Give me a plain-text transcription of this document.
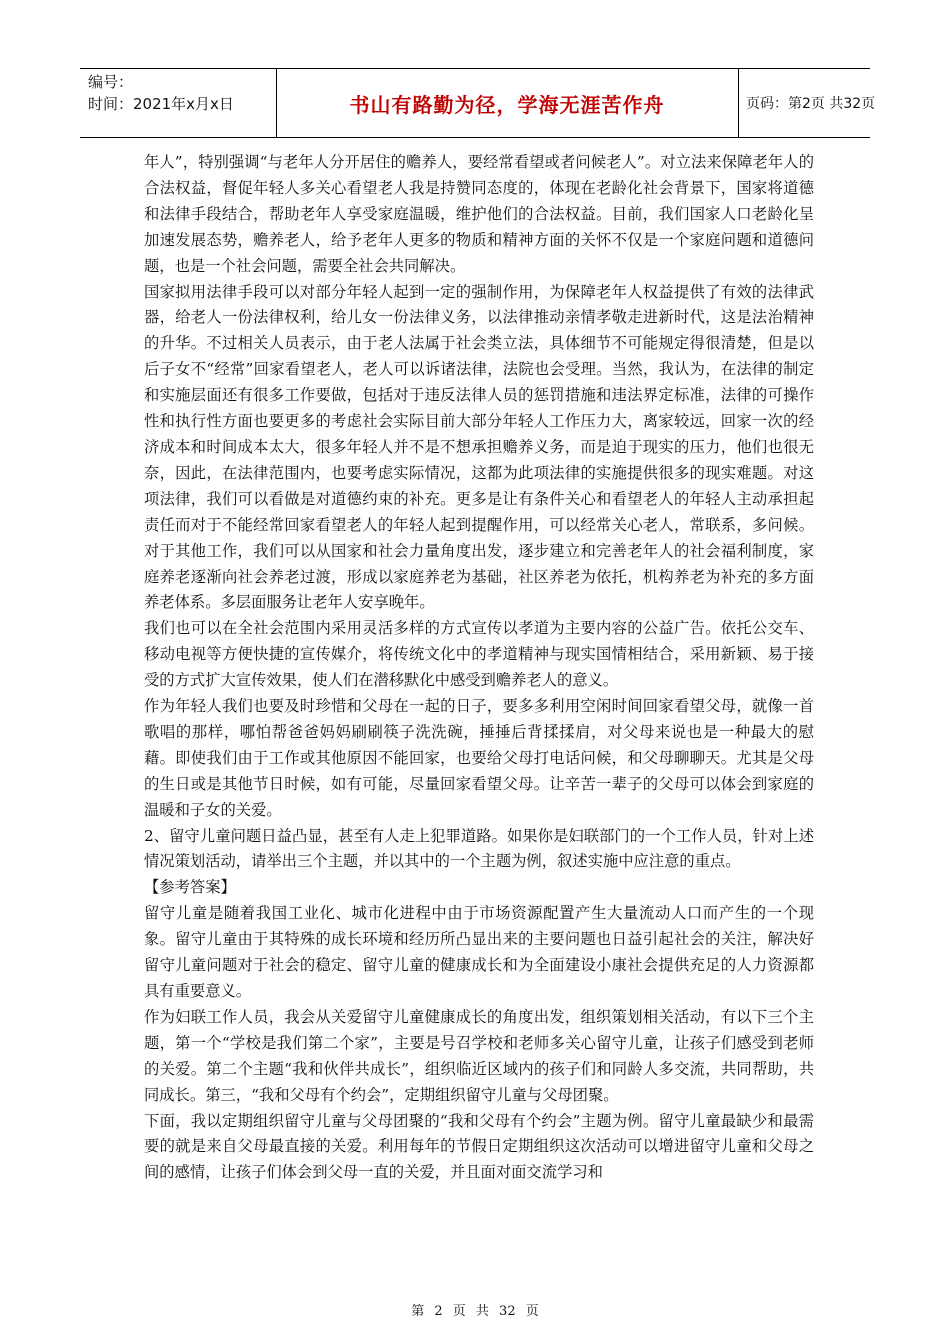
编号：
时间：2021年x月x日	书山有路勤为径，学海无涯苦作舟	页码：第2页 共32页

年人”，特别强调“与老年人分开居住的赡养人，要经常看望或者问候老人”。对立法来保障老年人的合法权益，督促年轻人多关心看望老人我是持赞同态度的，体现在老龄化社会背景下，国家将道德和法律手段结合，帮助老年人享受家庭温暖，维护他们的合法权益。目前，我们国家人口老龄化呈加速发展态势，赡养老人，给予老年人更多的物质和精神方面的关怀不仅是一个家庭问题和道德问题，也是一个社会问题，需要全社会共同解决。

国家拟用法律手段可以对部分年轻人起到一定的强制作用，为保障老年人权益提供了有效的法律武器，给老人一份法律权利，给儿女一份法律义务，以法律推动亲情孝敬走进新时代，这是法治精神的升华。不过相关人员表示，由于老人法属于社会类立法，具体细节不可能规定得很清楚，但是以后子女不“经常”回家看望老人，老人可以诉诸法律，法院也会受理。当然，我认为，在法律的制定和实施层面还有很多工作要做，包括对于违反法律人员的惩罚措施和违法界定标准，法律的可操作性和执行性方面也要更多的考虑社会实际目前大部分年轻人工作压力大，离家较远，回家一次的经济成本和时间成本太大，很多年轻人并不是不想承担赡养义务，而是迫于现实的压力，他们也很无奈，因此，在法律范围内，也要考虑实际情况，这都为此项法律的实施提供很多的现实难题。对这项法律，我们可以看做是对道德约束的补充。更多是让有条件关心和看望老人的年轻人主动承担起责任而对于不能经常回家看望老人的年轻人起到提醒作用，可以经常关心老人，常联系，多问候。对于其他工作，我们可以从国家和社会力量角度出发，逐步建立和完善老年人的社会福利制度，家庭养老逐渐向社会养老过渡，形成以家庭养老为基础，社区养老为依托，机构养老为补充的多方面养老体系。多层面服务让老年人安享晚年。

我们也可以在全社会范围内采用灵活多样的方式宣传以孝道为主要内容的公益广告。依托公交车、移动电视等方便快捷的宣传媒介，将传统文化中的孝道精神与现实国情相结合，采用新颖、易于接受的方式扩大宣传效果，使人们在潜移默化中感受到赡养老人的意义。

作为年轻人我们也要及时珍惜和父母在一起的日子，要多多利用空闲时间回家看望父母，就像一首歌唱的那样，哪怕帮爸爸妈妈刷刷筷子洗洗碗，捶捶后背揉揉肩，对父母来说也是一种最大的慰藉。即使我们由于工作或其他原因不能回家，也要给父母打电话问候，和父母聊聊天。尤其是父母的生日或是其他节日时候，如有可能，尽量回家看望父母。让辛苦一辈子的父母可以体会到家庭的温暖和子女的关爱。

2、留守儿童问题日益凸显，甚至有人走上犯罪道路。如果你是妇联部门的一个工作人员，针对上述情况策划活动，请举出三个主题，并以其中的一个主题为例，叙述实施中应注意的重点。

【参考答案】

留守儿童是随着我国工业化、城市化进程中由于市场资源配置产生大量流动人口而产生的一个现象。留守儿童由于其特殊的成长环境和经历所凸显出来的主要问题也日益引起社会的关注，解决好留守儿童问题对于社会的稳定、留守儿童的健康成长和为全面建设小康社会提供充足的人力资源都具有重要意义。

作为妇联工作人员，我会从关爱留守儿童健康成长的角度出发，组织策划相关活动，有以下三个主题，第一个“学校是我们第二个家”，主要是号召学校和老师多关心留守儿童，让孩子们感受到老师的关爱。第二个主题“我和伙伴共成长”，组织临近区域内的孩子们和同龄人多交流，共同帮助，共同成长。第三，“我和父母有个约会”，定期组织留守儿童与父母团聚。

下面，我以定期组织留守儿童与父母团聚的“我和父母有个约会”主题为例。留守儿童最缺少和最需要的就是来自父母最直接的关爱。利用每年的节假日定期组织这次活动可以增进留守儿童和父母之间的感情，让孩子们体会到父母一直的关爱，并且面对面交流学习和

第 2 页 共 32 页
